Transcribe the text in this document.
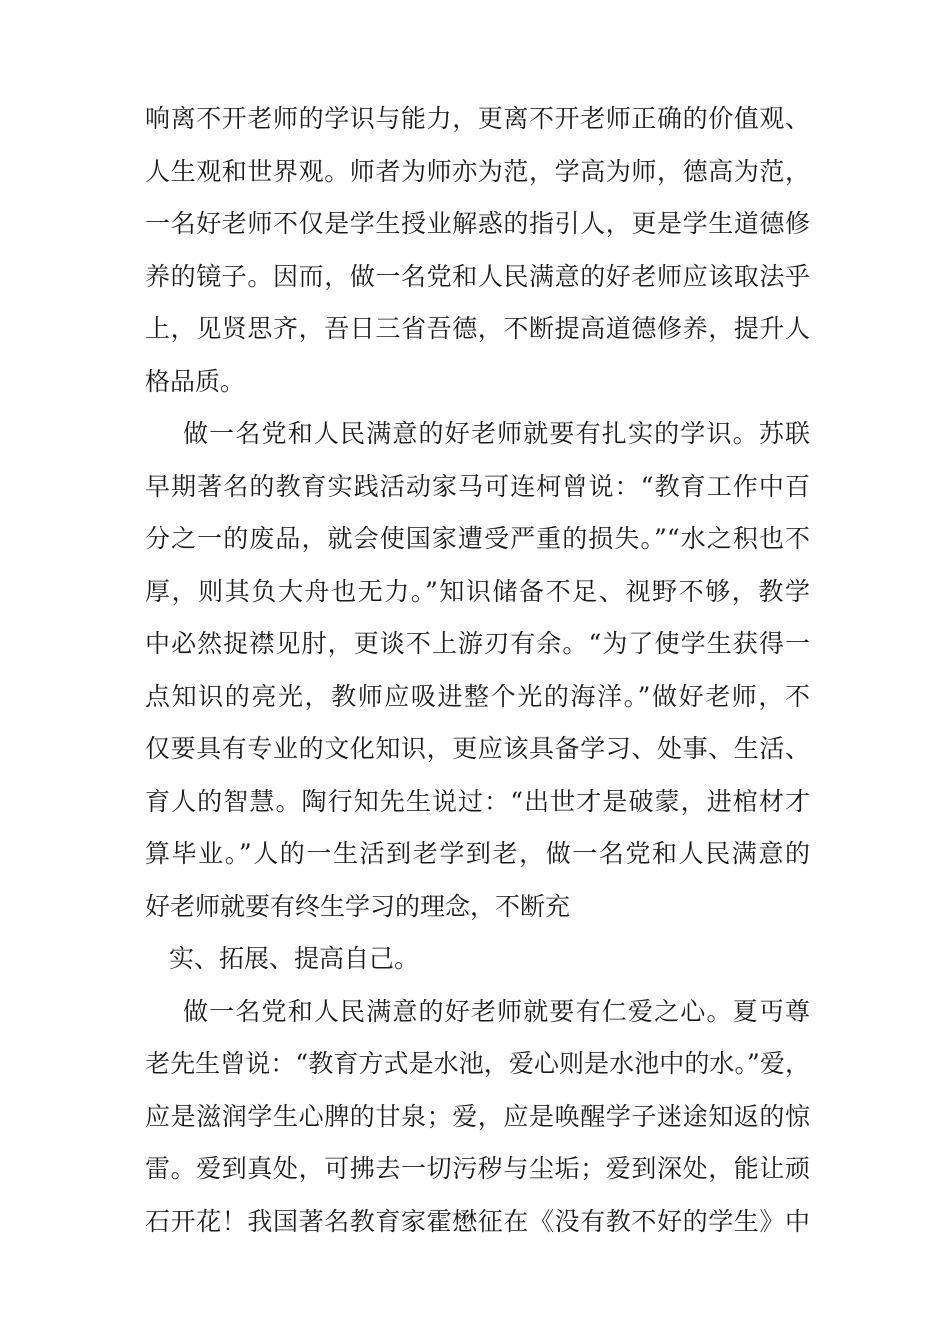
响离不开老师的学识与能力，更离不开老师正确的价值观、
人生观和世界观。师者为师亦为范，学高为师，德高为范，
一名好老师不仅是学生授业解惑的指引人，更是学生道德修
养的镜子。因而，做一名党和人民满意的好老师应该取法乎
上，见贤思齐，吾日三省吾德，不断提高道德修养，提升人
格品质。
做一名党和人民满意的好老师就要有扎实的学识。苏联
早期著名的教育实践活动家马可连柯曾说：“教育工作中百
分之一的废品，就会使国家遭受严重的损失。”“水之积也不
厚，则其负大舟也无力。”知识储备不足、视野不够，教学
中必然捉襟见肘，更谈不上游刃有余。“为了使学生获得一
点知识的亮光，教师应吸进整个光的海洋。”做好老师，不
仅要具有专业的文化知识，更应该具备学习、处事、生活、
育人的智慧。陶行知先生说过：“出世才是破蒙，进棺材才
算毕业。”人的一生活到老学到老，做一名党和人民满意的
好老师就要有终生学习的理念，不断充
实、拓展、提高自己。
做一名党和人民满意的好老师就要有仁爱之心。夏丏尊
老先生曾说：“教育方式是水池，爱心则是水池中的水。”爱，
应是滋润学生心脾的甘泉；爱，应是唤醒学子迷途知返的惊
雷。爱到真处，可拂去一切污秽与尘垢；爱到深处，能让顽
石开花！我国著名教育家霍懋征在《没有教不好的学生》中
